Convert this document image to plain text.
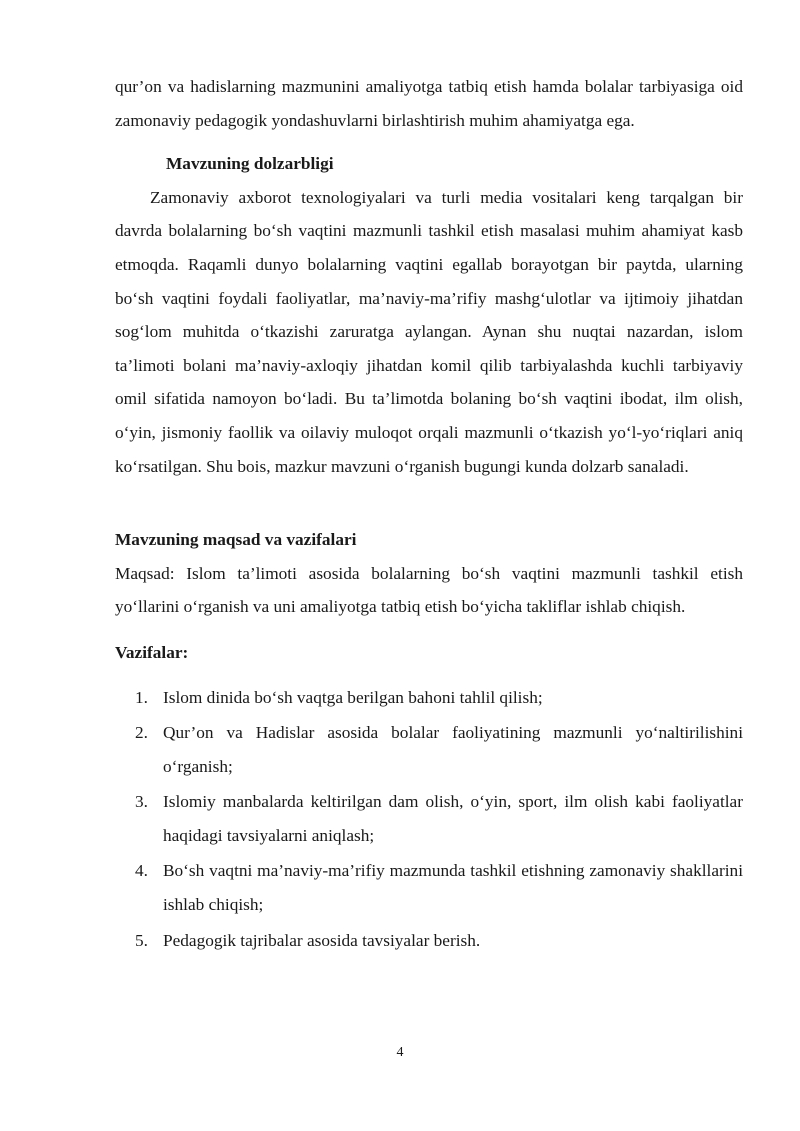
qur’on va hadislarning mazmunini amaliyotga tatbiq etish hamda bolalar tarbiyasiga oid zamonaviy pedagogik yondashuvlarni birlashtirish muhim ahamiyatga ega.

Mavzuning dolzarbligi

Zamonaviy axborot texnologiyalari va turli media vositalari keng tarqalgan bir davrda bolalarning bo‘sh vaqtini mazmunli tashkil etish masalasi muhim ahamiyat kasb etmoqda. Raqamli dunyo bolalarning vaqtini egallab borayotgan bir paytda, ularning bo‘sh vaqtini foydali faoliyatlar, ma’naviy-ma’rifiy mashg‘ulotlar va ijtimoiy jihatdan sog‘lom muhitda o‘tkazishi zaruratga aylangan. Aynan shu nuqtai nazardan, islom ta’limoti bolani ma’naviy-axloqiy jihatdan komil qilib tarbiyalashda kuchli tarbiyaviy omil sifatida namoyon bo‘ladi. Bu ta’limotda bolaning bo‘sh vaqtini ibodat, ilm olish, o‘yin, jismoniy faollik va oilaviy muloqot orqali mazmunli o‘tkazish yo‘l-yo‘riqlari aniq ko‘rsatilgan. Shu bois, mazkur mavzuni o‘rganish bugungi kunda dolzarb sanaladi.

Mavzuning maqsad va vazifalari

Maqsad: Islom ta’limoti asosida bolalarning bo‘sh vaqtini mazmunli tashkil etish yo‘llarini o‘rganish va uni amaliyotga tatbiq etish bo‘yicha takliflar ishlab chiqish.

Vazifalar:

1. Islom dinida bo‘sh vaqtga berilgan bahoni tahlil qilish;
2. Qur’on va Hadislar asosida bolalar faoliyatining mazmunli yo‘naltirilishini o‘rganish;
3. Islomiy manbalarda keltirilgan dam olish, o‘yin, sport, ilm olish kabi faoliyatlar haqidagi tavsiyalarni aniqlash;
4. Bo‘sh vaqtni ma’naviy-ma’rifiy mazmunda tashkil etishning zamonaviy shakllarini ishlab chiqish;
5. Pedagogik tajribalar asosida tavsiyalar berish.
4
